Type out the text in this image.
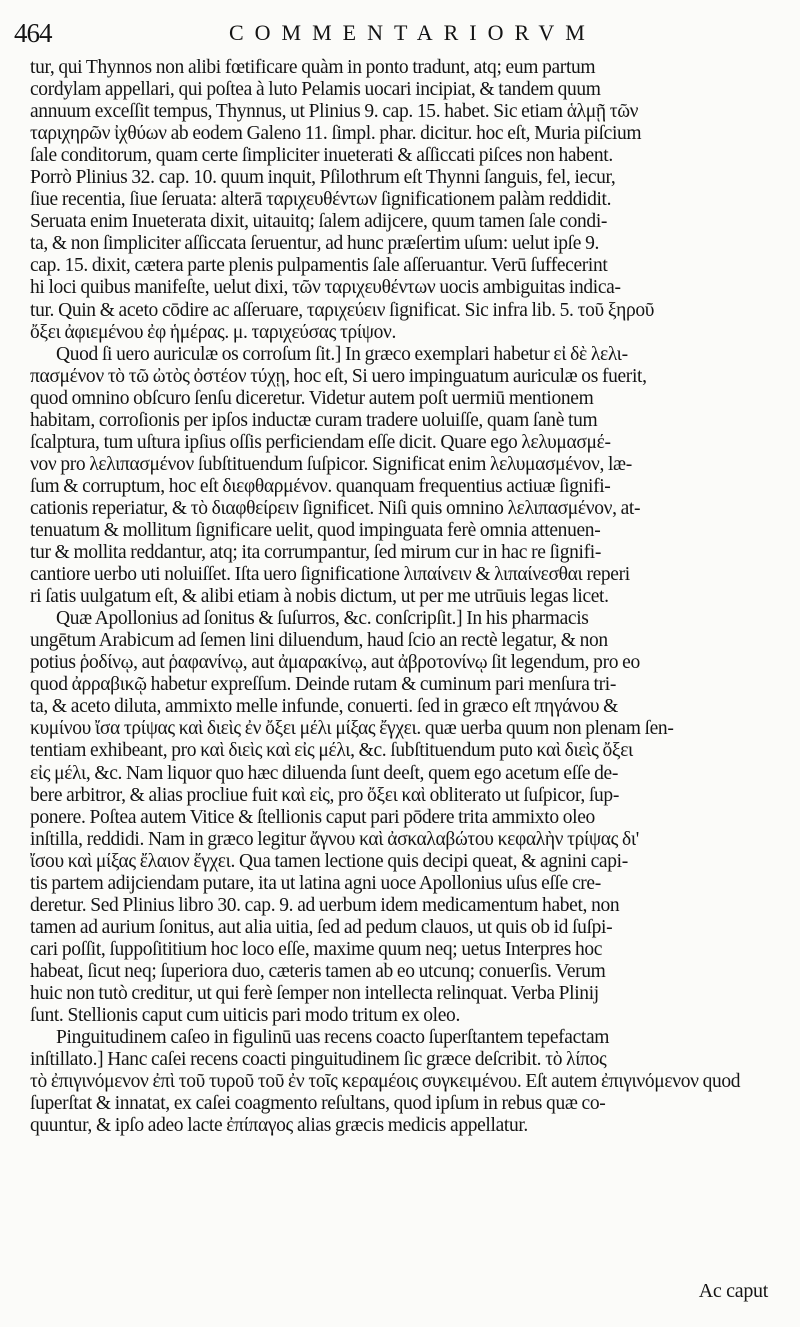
464	COMMENTARIORVM
tur, qui Thynnos non alibi fœtificare quàm in ponto tradunt, atq; eum partum
cordylam appellari, qui poſtea à luto Pelamis uocari incipiat, & tandem quum
annuum exceſſit tempus, Thynnus, ut Plinius 9. cap. 15. habet. Sic etiam ἁλμῇ τῶν
ταριχηρῶν ἰχθύων ab eodem Galeno 11. ſimpl. phar. dicitur. hoc eſt, Muria piſcium
ſale conditorum, quam certe ſimpliciter inueterati & aſſiccati piſces non habent.
Porrò Plinius 32. cap. 10. quum inquit, Pſilothrum eſt Thynni ſanguis, fel, iecur,
ſiue recentia, ſiue ſeruata: alterā ταριχευθέντων ſignificationem palàm reddidit.
Seruata enim Inueterata dixit, uitauitq; ſalem adijcere, quum tamen ſale condi-
ta, & non ſimpliciter aſſiccata ſeruentur, ad hunc præſertim uſum: uelut ipſe 9.
cap. 15. dixit, cætera parte plenis pulpamentis ſale aſſeruantur. Verū ſuffecerint
hi loci quibus manifeſte, uelut dixi, τῶν ταριχευθέντων uocis ambiguitas indica-
tur. Quin & aceto cōdire ac aſſeruare, ταριχεύειν ſignificat. Sic infra lib. 5. τοῦ ξηροῦ
ὄξει ἀφιεμένου ἐφ ἡμέρας. μ. ταριχεύσας τρίψον.
Quod ſi uero auriculæ os corroſum ſit.] In græco exemplari habetur εἰ δὲ λελι-
πασμένον τὸ τῶ ὠτὸς ὀστέον τύχῃ, hoc eſt, Si uero impinguatum auriculæ os fuerit,
quod omnino obſcuro ſenſu diceretur. Videtur autem poſt uermiū mentionem
habitam, corroſionis per ipſos inductæ curam tradere uoluiſſe, quam ſanè tum
ſcalptura, tum uſtura ipſius oſſis perficiendam eſſe dicit. Quare ego λελυμασμέ-
νον pro λελιπασμένον ſubſtituendum ſuſpicor. Significat enim λελυμασμένον, læ-
ſum & corruptum, hoc eſt διεφθαρμένον. quanquam frequentius actiuæ ſignifi-
cationis reperiatur, & τὸ διαφθείρειν ſignificet. Niſi quis omnino λελιπασμένον, at-
tenuatum & mollitum ſignificare uelit, quod impinguata ferè omnia attenuen-
tur & mollita reddantur, atq; ita corrumpantur, ſed mirum cur in hac re ſignifi-
cantiore uerbo uti noluiſſet. Iſta uero ſignificatione λιπαίνειν & λιπαίνεσθαι reperi
ri ſatis uulgatum eſt, & alibi etiam à nobis dictum, ut per me utrūuis legas licet.
Quæ Apollonius ad ſonitus & ſuſurros, &c. conſcripſit.] In his pharmacis
ungētum Arabicum ad ſemen lini diluendum, haud ſcio an rectè legatur, & non
potius ῥοδίνῳ, aut ῥαφανίνῳ, aut ἀμαρακίνῳ, aut ἀβροτονίνῳ ſit legendum, pro eo
quod ἀρραβικῷ habetur expreſſum. Deinde rutam & cuminum pari menſura tri-
ta, & aceto diluta, ammixto melle infunde, conuerti. ſed in græco eſt πηγάνου &
κυμίνου ἴσα τρίψας καὶ διεὶς ἐν ὄξει μέλι μίξας ἔγχει. quæ uerba quum non plenam ſen-
tentiam exhibeant, pro καὶ διεὶς καὶ εἰς μέλι, &c. ſubſtituendum puto καὶ διεὶς ὄξει
εἰς μέλι, &c. Nam liquor quo hæc diluenda ſunt deeſt, quem ego acetum eſſe de-
bere arbitror, & alias procliue fuit καὶ εἰς, pro ὄξει καὶ obliterato ut ſuſpicor, ſup-
ponere. Poſtea autem Vitice & ſtellionis caput pari pōdere trita ammixto oleo
inſtilla, reddidi. Nam in græco legitur ἄγνου καὶ ἀσκαλαβώτου κεφαλὴν τρίψας δι'
ἴσου καὶ μίξας ἔλαιον ἔγχει. Qua tamen lectione quis decipi queat, & agnini capi-
tis partem adijciendam putare, ita ut latina agni uoce Apollonius uſus eſſe cre-
deretur. Sed Plinius libro 30. cap. 9. ad uerbum idem medicamentum habet, non
tamen ad aurium ſonitus, aut alia uitia, ſed ad pedum clauos, ut quis ob id ſuſpi-
cari poſſit, ſuppoſititium hoc loco eſſe, maxime quum neq; uetus Interpres hoc
habeat, ſicut neq; ſuperiora duo, cæteris tamen ab eo utcunq; conuerſis. Verum
huic non tutò creditur, ut qui ferè ſemper non intellecta relinquat. Verba Plinij
ſunt. Stellionis caput cum uiticis pari modo tritum ex oleo.
Pinguitudinem caſeo in figulinū uas recens coacto ſuperſtantem tepefactam
inſtillato.] Hanc caſei recens coacti pinguitudinem ſic græce deſcribit. τὸ λίπος
τὸ ἐπιγινόμενον ἐπὶ τοῦ τυροῦ τοῦ ἐν τοῖς κεραμέοις συγκειμένου. Eſt autem ἐπιγινόμενον quod
ſuperſtat & innatat, ex caſei coagmento reſultans, quod ipſum in rebus quæ co-
quuntur, & ipſo adeo lacte ἐπίπαγος alias græcis medicis appellatur.
Ac caput
